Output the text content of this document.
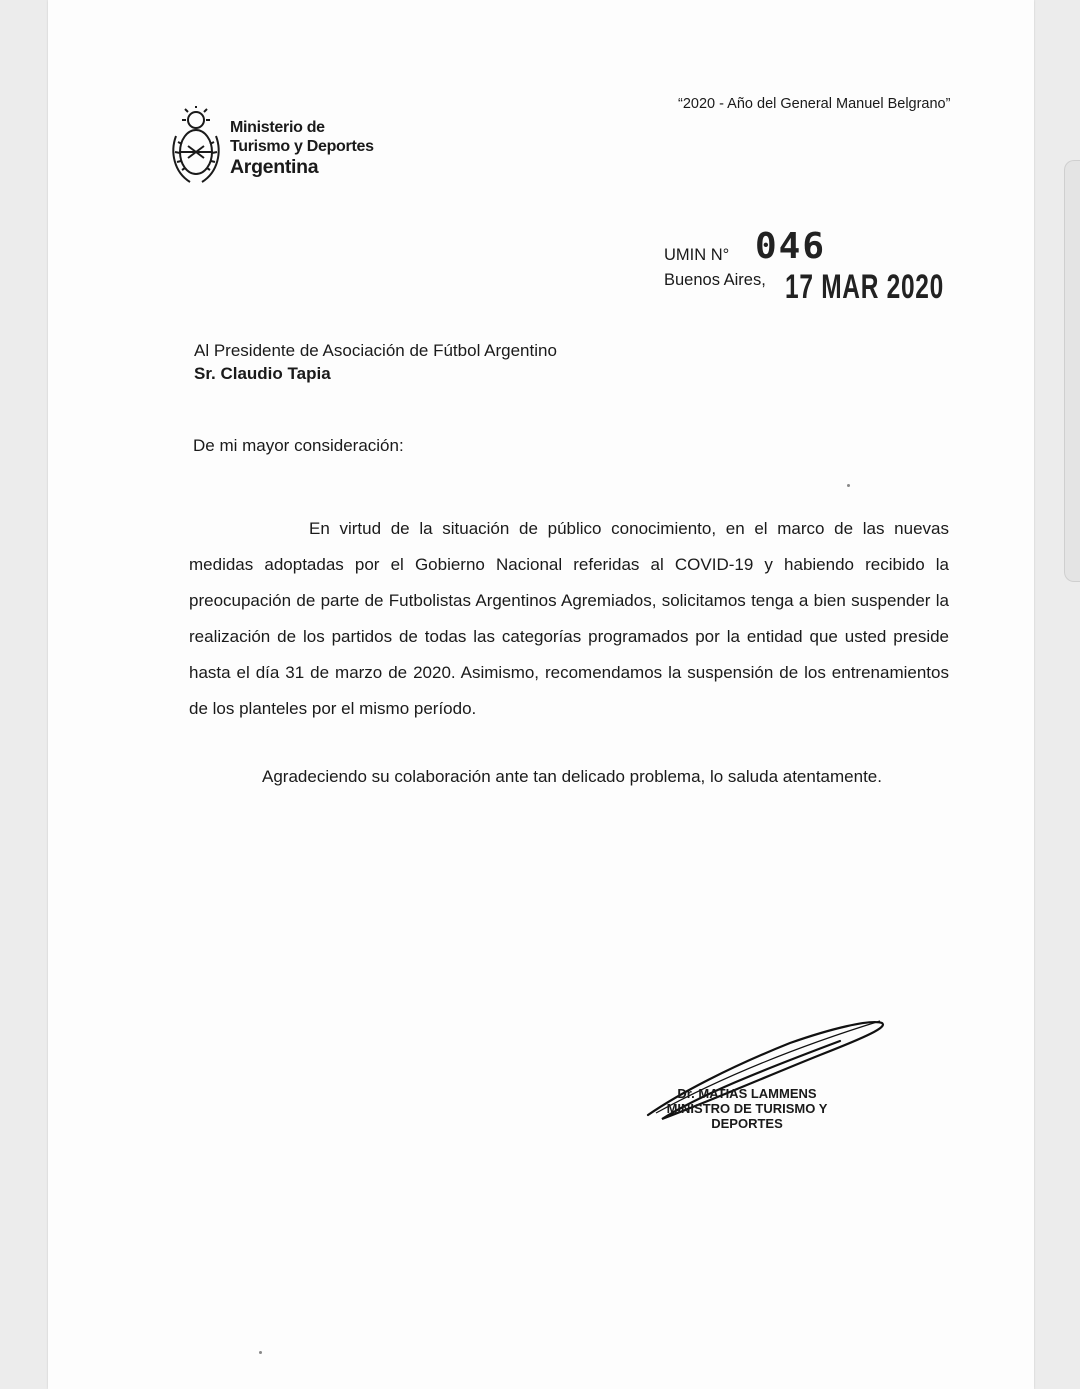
“2020 - Año del General Manuel Belgrano”
Ministerio de
Turismo y Deportes
Argentina
UMIN N° 046
Buenos Aires, 17 MAR 2020
Al Presidente de Asociación de Fútbol Argentino
Sr. Claudio Tapia
De mi mayor consideración:
En virtud de la situación de público conocimiento, en el marco de las nuevas medidas adoptadas por el Gobierno Nacional referidas al COVID-19 y habiendo recibido la preocupación de parte de Futbolistas Argentinos Agremiados, solicitamos tenga a bien suspender la realización de los partidos de todas las categorías programados por la entidad que usted preside hasta el día 31 de marzo de 2020. Asimismo, recomendamos la suspensión de los entrenamientos de los planteles por el mismo período.
Agradeciendo su colaboración ante tan delicado problema, lo saluda atentamente.
Dr. MATIAS LAMMENS
MINISTRO DE TURISMO Y
DEPORTES
